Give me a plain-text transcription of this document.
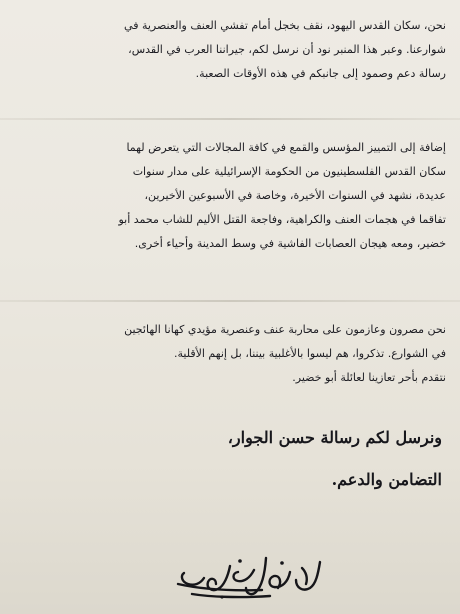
نحن، سكان القدس اليهود، نقف بخجل أمام تفشي العنف والعنصرية في

شوارعنا. وعبر هذا المنبر نود أن نرسل لكم، جيراننا العرب في القدس،

رسالة دعم وصمود إلى جانبكم في هذه الأوقات الصعبة.

إضافة إلى التمييز المؤسس والقمع في كافة المجالات التي يتعرض لهما

سكان القدس الفلسطينيون من الحكومة الإسرائيلية على مدار سنوات

عديدة، نشهد في السنوات الأخيرة، وخاصة في الأسبوعين الأخيرين،

تفاقما في هجمات العنف والكراهية، وفاجعة القتل الأليم للشاب محمد أبو

خضير، ومعه هيجان العصابات الفاشية في وسط المدينة وأحياء أخرى.

نحن مصرون وعازمون على محاربة عنف وعنصرية مؤيدي كهانا الهائجين

في الشوارع. تذكروا، هم ليسوا بالأغلبية بيننا، بل إنهم الأقلية.

نتقدم بأحر تعازينا لعائلة أبو خضير.

ونرسل لكم رسالة حسن الجوار،
التضامن والدعم.
